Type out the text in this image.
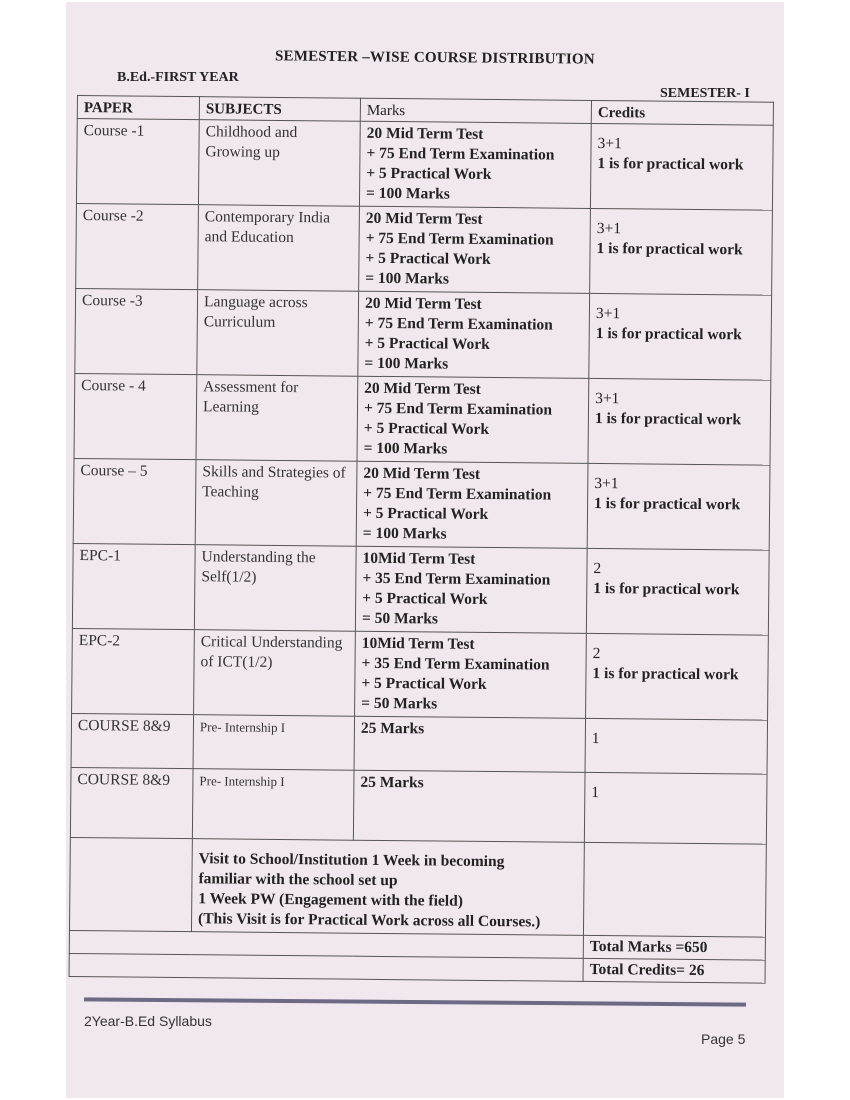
SEMESTER –WISE COURSE DISTRIBUTION
B.Ed.-FIRST YEAR
SEMESTER- I
PAPER	SUBJECTS	Marks	Credits
Course -1	Childhood and Growing up	20 Mid Term Test
+ 75 End Term Examination
+ 5 Practical Work
= 100 Marks	3+1
1 is for practical work
Course -2	Contemporary India and Education	20 Mid Term Test
+ 75 End Term Examination
+ 5 Practical Work
= 100 Marks	3+1
1 is for practical work
Course -3	Language across Curriculum	20 Mid Term Test
+ 75 End Term Examination
+ 5 Practical Work
= 100 Marks	3+1
1 is for practical work
Course - 4	Assessment for Learning	20 Mid Term Test
+ 75 End Term Examination
+ 5 Practical Work
= 100 Marks	3+1
1 is for practical work
Course – 5	Skills and Strategies of Teaching	20 Mid Term Test
+ 75 End Term Examination
+ 5 Practical Work
= 100 Marks	3+1
1 is for practical work
EPC-1	Understanding the Self(1/2)	10Mid Term Test
+ 35 End Term Examination
+ 5 Practical Work
= 50 Marks	2
1 is for practical work
EPC-2	Critical Understanding of ICT(1/2)	10Mid Term Test
+ 35 End Term Examination
+ 5 Practical Work
= 50 Marks	2
1 is for practical work
COURSE 8&9	Pre- Internship I	25 Marks	1

COURSE 8&9	Pre- Internship I	25 Marks	1

	Visit to School/Institution 1 Week in becoming
familiar with the school set up
1 Week PW (Engagement with the field)
(This Visit is for Practical Work across all Courses.)		

			Total Marks =650
			Total Credits= 26
2Year-B.Ed Syllabus
Page 5
